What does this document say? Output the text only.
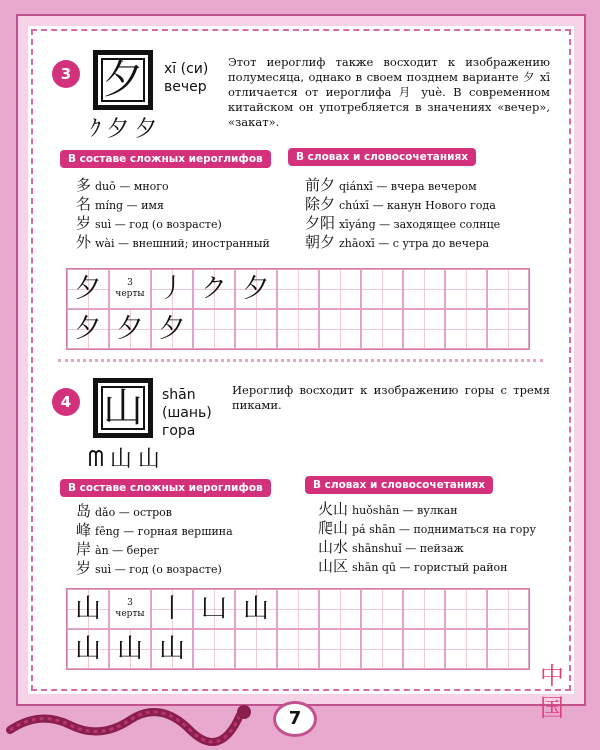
3 夕	xī (си)
вечер
ｸ夕夕
Этот иероглиф также восходит к изображению полумесяца, однако в своем позднем варианте 夕 xī отличается от иероглифа 月 yuè. В современном китайском он употребляется в значениях «вечер», «закат».
В составе сложных иероглифов	В словах и словосочетаниях
多 duō — много
名 míng — имя
岁 suì — год (о возрасте)
外 wài — внешний; иностранный
前夕 qiánxī — вчера вечером
除夕 chúxī — канун Нового года
夕阳 xīyáng — заходящее солнце
朝夕 zhāoxī — с утра до вечера
夕	3
черты 丿 ク 夕
夕 夕 夕
4 山	shān
(шань)
гора
ᗰ山山
Иероглиф восходит к изображению горы с тремя пиками.
В составе сложных иероглифов	В словах и словосочетаниях
岛 dǎo — остров
峰 fēng — горная вершина
岸 àn — берег
岁 suì — год (о возрасте)
火山 huǒshān — вулкан
爬山 pá shān — подниматься на гору
山水 shānshuǐ — пейзаж
山区 shān qū — гористый район
山	3
черты 丨 凵 山
山 山 山
7
中
国
